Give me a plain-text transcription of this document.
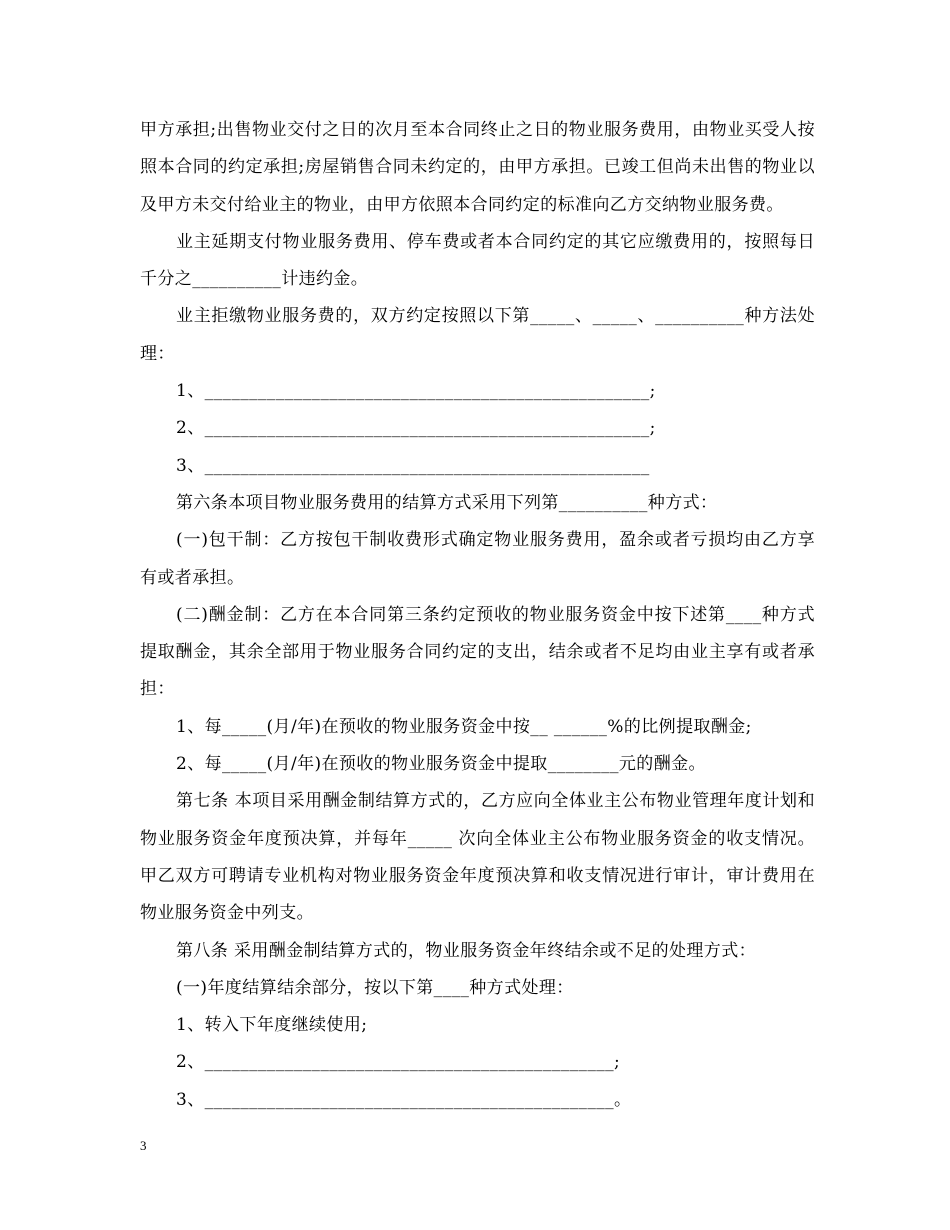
甲方承担;出售物业交付之日的次月至本合同终止之日的物业服务费用，由物业买受人按照本合同的约定承担;房屋销售合同未约定的，由甲方承担。已竣工但尚未出售的物业以及甲方未交付给业主的物业，由甲方依照本合同约定的标准向乙方交纳物业服务费。

业主延期支付物业服务费用、停车费或者本合同约定的其它应缴费用的，按照每日千分之__________计违约金。

业主拒缴物业服务费的，双方约定按照以下第_____、_____、__________种方法处理：

1、__________________________________________________;

2、__________________________________________________;

3、__________________________________________________

第六条本项目物业服务费用的结算方式采用下列第__________种方式：

(一)包干制：乙方按包干制收费形式确定物业服务费用，盈余或者亏损均由乙方享有或者承担。

(二)酬金制：乙方在本合同第三条约定预收的物业服务资金中按下述第____种方式提取酬金，其余全部用于物业服务合同约定的支出，结余或者不足均由业主享有或者承担：

1、每_____(月/年)在预收的物业服务资金中按__ ______%的比例提取酬金;

2、每_____(月/年)在预收的物业服务资金中提取________元的酬金。

第七条 本项目采用酬金制结算方式的，乙方应向全体业主公布物业管理年度计划和物业服务资金年度预决算，并每年_____ 次向全体业主公布物业服务资金的收支情况。甲乙双方可聘请专业机构对物业服务资金年度预决算和收支情况进行审计，审计费用在物业服务资金中列支。

第八条 采用酬金制结算方式的，物业服务资金年终结余或不足的处理方式：

(一)年度结算结余部分，按以下第____种方式处理：

1、转入下年度继续使用;

2、______________________________________________;

3、______________________________________________。

3
